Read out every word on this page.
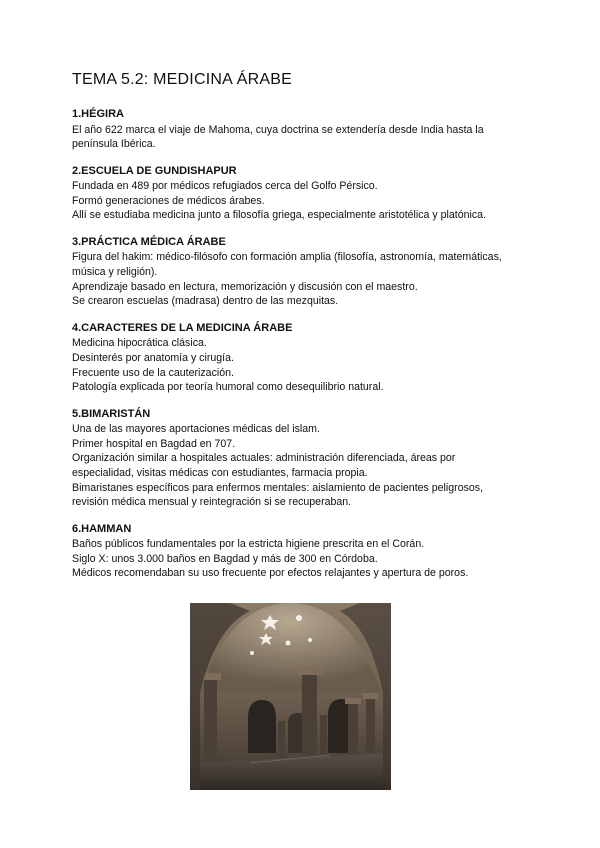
TEMA 5.2: MEDICINA ÁRABE
1.HÉGIRA

El año 622 marca el viaje de Mahoma, cuya doctrina se extendería desde India hasta la

península Ibérica.

2.ESCUELA DE GUNDISHAPUR

Fundada en 489 por médicos refugiados cerca del Golfo Pérsico.

Formó generaciones de médicos árabes.

Allí se estudiaba medicina junto a filosofía griega, especialmente aristotélica y platónica.

3.PRÁCTICA MÉDICA ÁRABE

Figura del hakim: médico-filósofo con formación amplia (filosofía, astronomía, matemáticas,

música y religión).

Aprendizaje basado en lectura, memorización y discusión con el maestro.

Se crearon escuelas (madrasa) dentro de las mezquitas.

4.CARACTERES DE LA MEDICINA ÁRABE

Medicina hipocrática clásica.

Desinterés por anatomía y cirugía.

Frecuente uso de la cauterización.

Patología explicada por teoría humoral como desequilibrio natural.

5.BIMARISTÁN

Una de las mayores aportaciones médicas del islam.

Primer hospital en Bagdad en 707.

Organización similar a hospitales actuales: administración diferenciada, áreas por

especialidad, visitas médicas con estudiantes, farmacia propia.

Bimaristanes específicos para enfermos mentales: aislamiento de pacientes peligrosos,

revisión médica mensual y reintegración si se recuperaban.

6.HAMMAN

Baños públicos fundamentales por la estricta higiene prescrita en el Corán.

Siglo X: unos 3.000 baños en Bagdad y más de 300 en Córdoba.

Médicos recomendaban su uso frecuente por efectos relajantes y apertura de poros.
